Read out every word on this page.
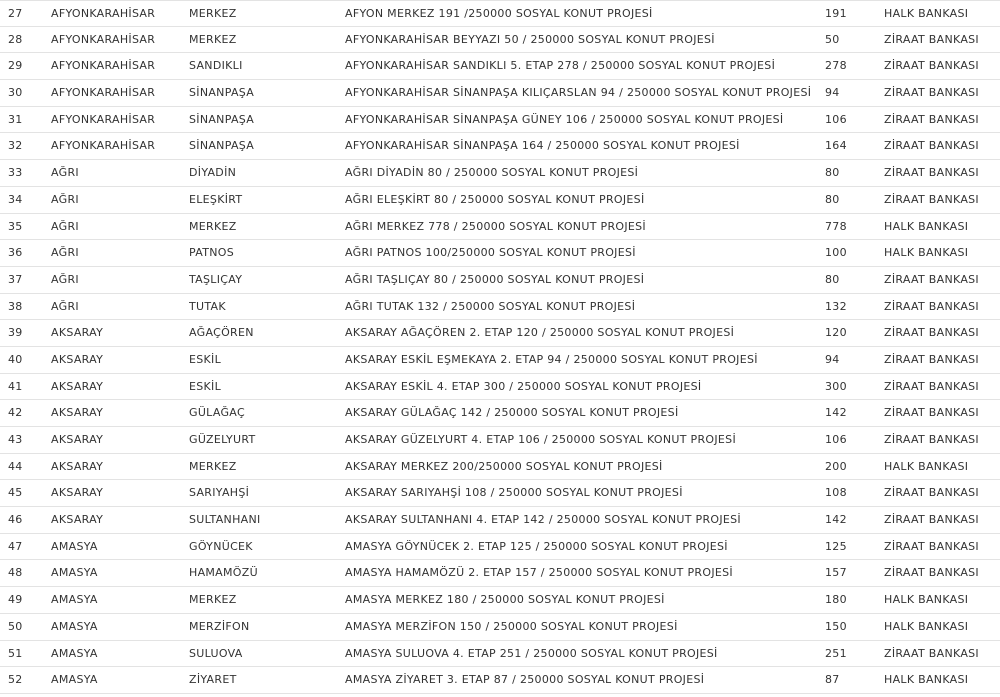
27	AFYONKARAHİSAR	MERKEZ	AFYON MERKEZ 191 /250000 SOSYAL KONUT PROJESİ	191	HALK BANKASI
28	AFYONKARAHİSAR	MERKEZ	AFYONKARAHİSAR BEYYAZI 50 / 250000 SOSYAL KONUT PROJESİ	50	ZİRAAT BANKASI
29	AFYONKARAHİSAR	SANDIKLI	AFYONKARAHİSAR SANDIKLI 5. ETAP 278 / 250000 SOSYAL KONUT PROJESİ	278	ZİRAAT BANKASI
30	AFYONKARAHİSAR	SİNANPAŞA	AFYONKARAHİSAR SİNANPAŞA KILIÇARSLAN 94 / 250000 SOSYAL KONUT PROJESİ	94	ZİRAAT BANKASI
31	AFYONKARAHİSAR	SİNANPAŞA	AFYONKARAHİSAR SİNANPAŞA GÜNEY 106 / 250000 SOSYAL KONUT PROJESİ	106	ZİRAAT BANKASI
32	AFYONKARAHİSAR	SİNANPAŞA	AFYONKARAHİSAR SİNANPAŞA 164 / 250000 SOSYAL KONUT PROJESİ	164	ZİRAAT BANKASI
33	AĞRI	DİYADİN	AĞRI DİYADİN 80 / 250000 SOSYAL KONUT PROJESİ	80	ZİRAAT BANKASI
34	AĞRI	ELEŞKİRT	AĞRI ELEŞKİRT 80 / 250000 SOSYAL KONUT PROJESİ	80	ZİRAAT BANKASI
35	AĞRI	MERKEZ	AĞRI MERKEZ 778 / 250000 SOSYAL KONUT PROJESİ	778	HALK BANKASI
36	AĞRI	PATNOS	AĞRI PATNOS 100/250000 SOSYAL KONUT PROJESİ	100	HALK BANKASI
37	AĞRI	TAŞLIÇAY	AĞRI TAŞLIÇAY 80 / 250000 SOSYAL KONUT PROJESİ	80	ZİRAAT BANKASI
38	AĞRI	TUTAK	AĞRI TUTAK 132 / 250000 SOSYAL KONUT PROJESİ	132	ZİRAAT BANKASI
39	AKSARAY	AĞAÇÖREN	AKSARAY AĞAÇÖREN 2. ETAP 120 / 250000 SOSYAL KONUT PROJESİ	120	ZİRAAT BANKASI
40	AKSARAY	ESKİL	AKSARAY ESKİL EŞMEKAYA 2. ETAP 94 / 250000 SOSYAL KONUT PROJESİ	94	ZİRAAT BANKASI
41	AKSARAY	ESKİL	AKSARAY ESKİL 4. ETAP 300 / 250000 SOSYAL KONUT PROJESİ	300	ZİRAAT BANKASI
42	AKSARAY	GÜLAĞAÇ	AKSARAY GÜLAĞAÇ 142 / 250000 SOSYAL KONUT PROJESİ	142	ZİRAAT BANKASI
43	AKSARAY	GÜZELYURT	AKSARAY GÜZELYURT 4. ETAP 106 / 250000 SOSYAL KONUT PROJESİ	106	ZİRAAT BANKASI
44	AKSARAY	MERKEZ	AKSARAY MERKEZ 200/250000 SOSYAL KONUT PROJESİ	200	HALK BANKASI
45	AKSARAY	SARIYAHŞİ	AKSARAY SARIYAHŞİ 108 / 250000 SOSYAL KONUT PROJESİ	108	ZİRAAT BANKASI
46	AKSARAY	SULTANHANI	AKSARAY SULTANHANI 4. ETAP 142 / 250000 SOSYAL KONUT PROJESİ	142	ZİRAAT BANKASI
47	AMASYA	GÖYNÜCEK	AMASYA GÖYNÜCEK 2. ETAP 125 / 250000 SOSYAL KONUT PROJESİ	125	ZİRAAT BANKASI
48	AMASYA	HAMAMÖZÜ	AMASYA HAMAMÖZÜ 2. ETAP 157 / 250000 SOSYAL KONUT PROJESİ	157	ZİRAAT BANKASI
49	AMASYA	MERKEZ	AMASYA MERKEZ 180 / 250000 SOSYAL KONUT PROJESİ	180	HALK BANKASI
50	AMASYA	MERZİFON	AMASYA MERZİFON 150 / 250000 SOSYAL KONUT PROJESİ	150	HALK BANKASI
51	AMASYA	SULUOVA	AMASYA SULUOVA 4. ETAP 251 / 250000 SOSYAL KONUT PROJESİ	251	ZİRAAT BANKASI
52	AMASYA	ZİYARET	AMASYA ZİYARET 3. ETAP 87 / 250000 SOSYAL KONUT PROJESİ	87	HALK BANKASI
